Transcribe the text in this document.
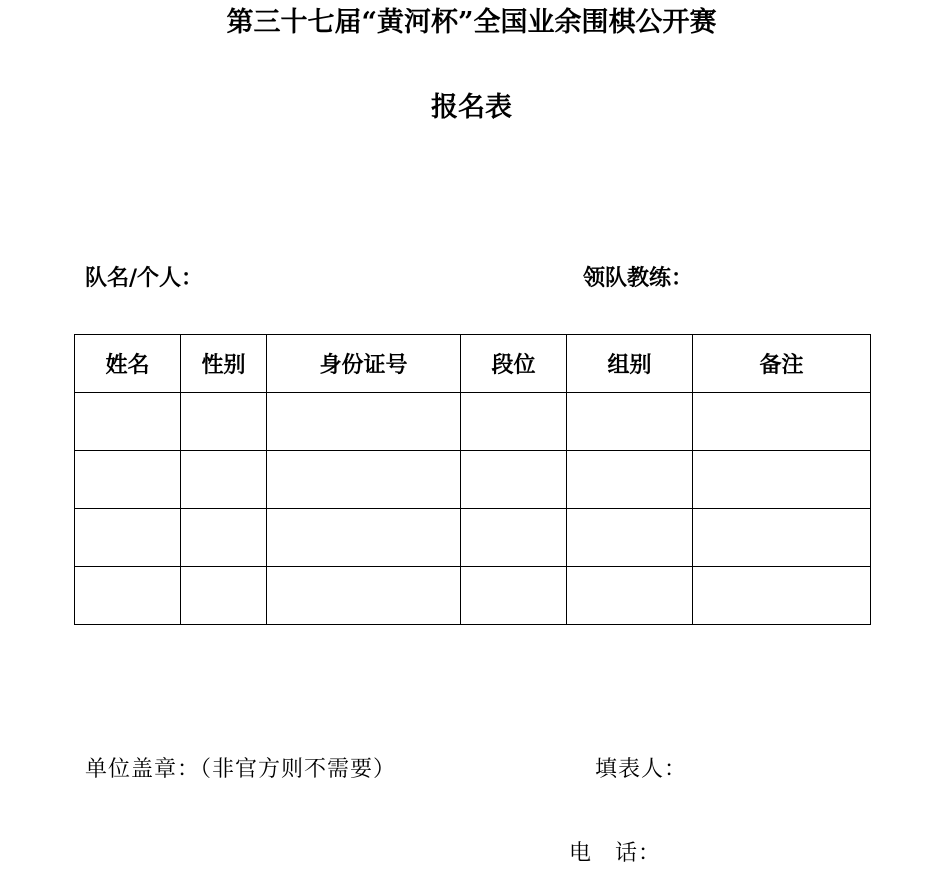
第三十七届“黄河杯”全国业余围棋公开赛
报名表
队名/个人：	领队教练：
姓名	性别	身份证号	段位	组别	备注

单位盖章：（非官方则不需要）	填表人：
电　话：
